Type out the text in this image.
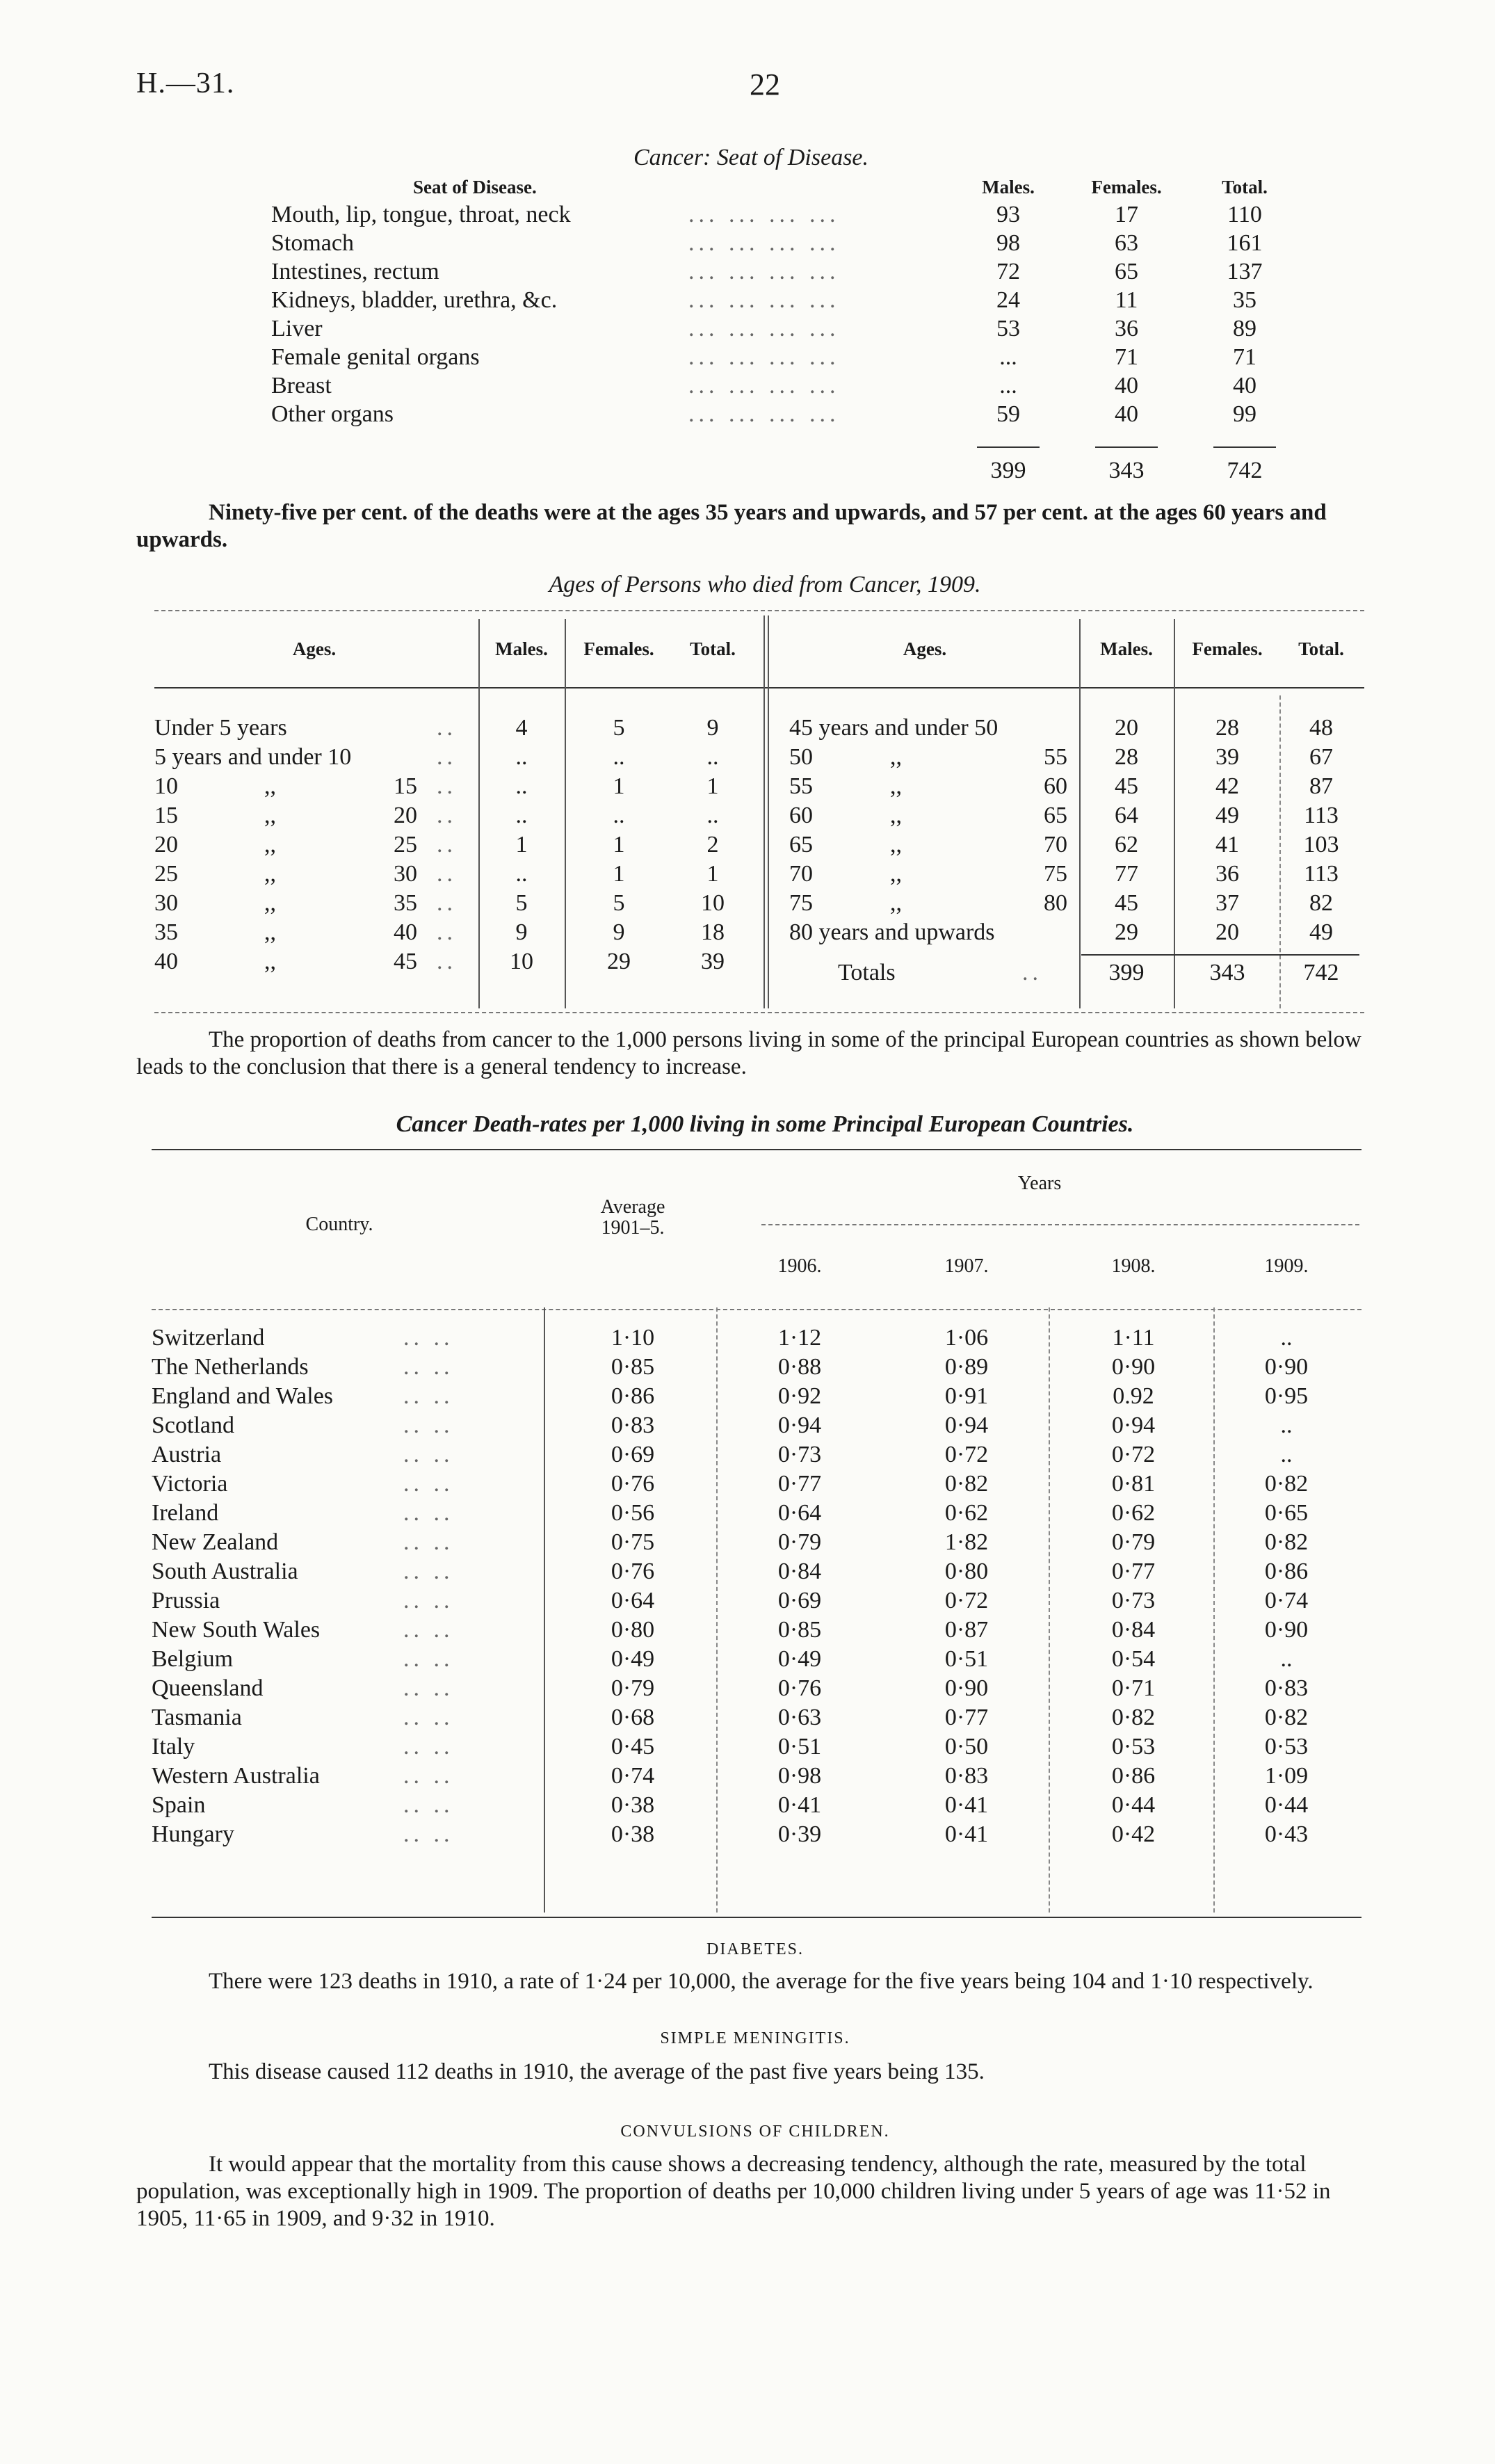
H.—31.	22
Cancer: Seat of Disease.
Seat of Disease.	Males.	Females.	Total.
Mouth, lip, tongue, throat, neck	... ... ... ...	93	17	110
Stomach	... ... ... ...	98	63	161
Intestines, rectum	... ... ... ...	72	65	137
Kidneys, bladder, urethra, &c.	... ... ... ...	24	11	35
Liver	... ... ... ...	53	36	89
Female genital organs	... ... ... ...	...	71	71
Breast	... ... ... ...	...	40	40
Other organs	... ... ... ...	59	40	99
399	343	742
Ninety-five per cent. of the deaths were at the ages 35 years and upwards, and 57 per cent. at the ages 60 years and upwards.
Ages of Persons who died from Cancer, 1909.
Ages.	Males.	Females.	Total.	Ages.	Males.	Females.	Total.
Under 5 years	..	4	5	9
5 years and under 10	..	..	..	..
10	,,	15 ..	..	1	1
15	,,	20 ..	..	..	..
20	,,	25 ..	1	1	2
25	,,	30 ..	..	1	1
30	,,	35 ..	5	5	10
35	,,	40 ..	9	9	18
40	,,	45 ..	10	29	39
45 years and under 50	20	28	48
50	,,	55	28	39	67
55	,,	60	45	42	87
60	,,	65	64	49	113
65	,,	70	62	41	103
70	,,	75	77	36	113
75	,,	80	45	37	82
80 years and upwards	29	20	49
Totals	..	399	343	742
The proportion of deaths from cancer to the 1,000 persons living in some of the principal European countries as shown below leads to the conclusion that there is a general tendency to increase.
Cancer Death-rates per 1,000 living in some Principal European Countries.
Country.
Average
1901–5.
Years
1906.	1907.	1908.	1909.
Switzerland	.. ..	1·10	1·12	1·06	1·11	..
The Netherlands	.. ..	0·85	0·88	0·89	0·90	0·90
England and Wales	.. ..	0·86	0·92	0·91	0.92	0·95
Scotland	.. ..	0·83	0·94	0·94	0·94	..
Austria	.. ..	0·69	0·73	0·72	0·72	..
Victoria	.. ..	0·76	0·77	0·82	0·81	0·82
Ireland	.. ..	0·56	0·64	0·62	0·62	0·65
New Zealand	.. ..	0·75	0·79	1·82	0·79	0·82
South Australia	.. ..	0·76	0·84	0·80	0·77	0·86
Prussia	.. ..	0·64	0·69	0·72	0·73	0·74
New South Wales	.. ..	0·80	0·85	0·87	0·84	0·90
Belgium	.. ..	0·49	0·49	0·51	0·54	..
Queensland	.. ..	0·79	0·76	0·90	0·71	0·83
Tasmania	.. ..	0·68	0·63	0·77	0·82	0·82
Italy	.. ..	0·45	0·51	0·50	0·53	0·53
Western Australia	.. ..	0·74	0·98	0·83	0·86	1·09
Spain	.. ..	0·38	0·41	0·41	0·44	0·44
Hungary	.. ..	0·38	0·39	0·41	0·42	0·43
DIABETES.
There were 123 deaths in 1910, a rate of 1·24 per 10,000, the average for the five years being 104 and 1·10 respectively.
SIMPLE MENINGITIS.
This disease caused 112 deaths in 1910, the average of the past five years being 135.
CONVULSIONS OF CHILDREN.
It would appear that the mortality from this cause shows a decreasing tendency, although the rate, measured by the total population, was exceptionally high in 1909. The proportion of deaths per 10,000 children living under 5 years of age was 11·52 in 1905, 11·65 in 1909, and 9·32 in 1910.
